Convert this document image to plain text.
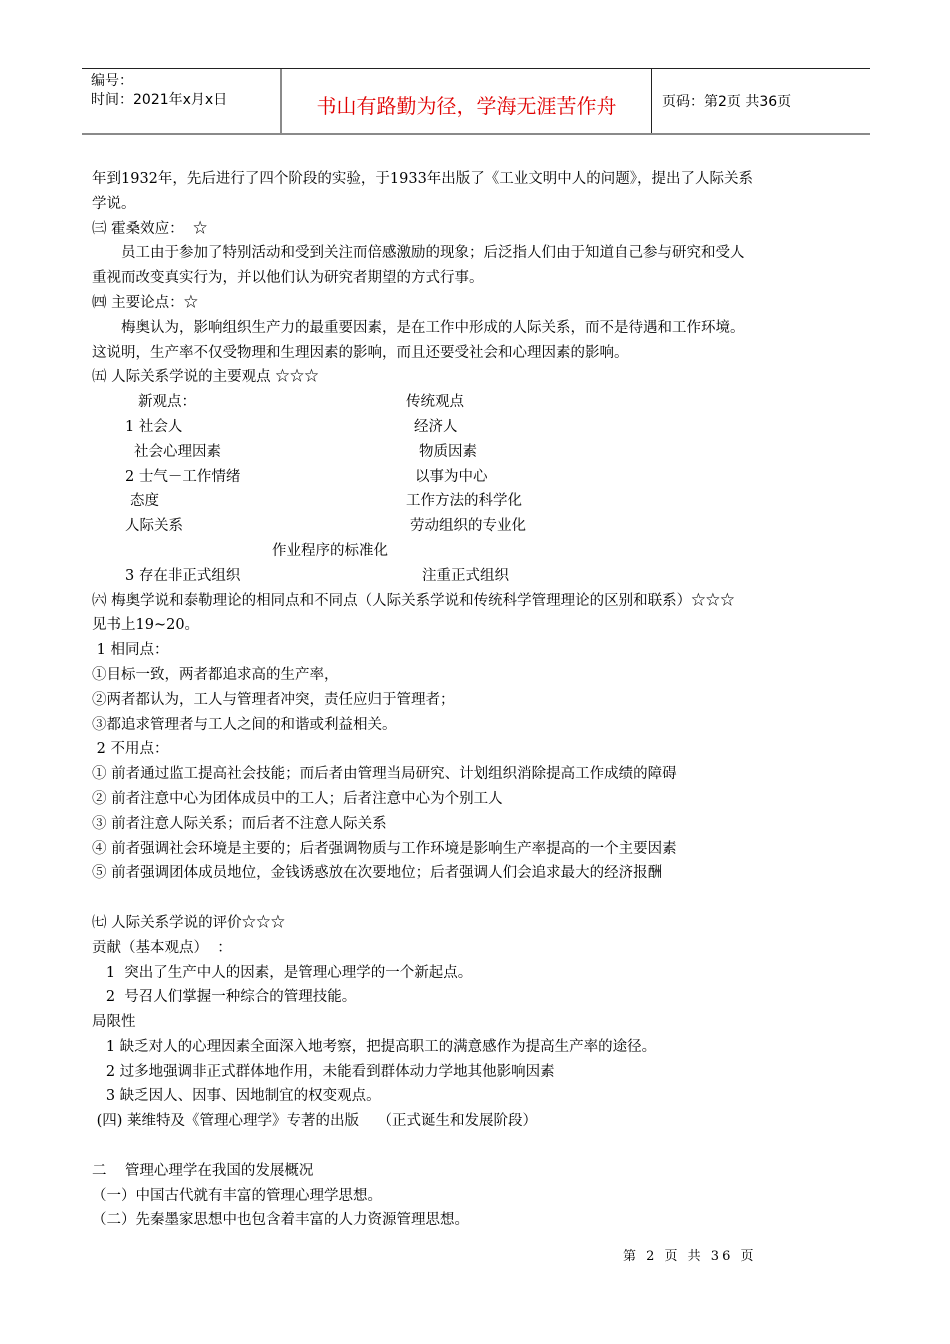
编号：
时间：2021年x月x日	书山有路勤为径，学海无涯苦作舟	页码：第2页 共36页
年到1932年，先后进行了四个阶段的实验，于1933年出版了《工业文明中人的问题》，提出了人际关系
学说。
㈢ 霍桑效应：  ☆
员工由于参加了特别活动和受到关注而倍感激励的现象；后泛指人们由于知道自己参与研究和受人
重视而改变真实行为，并以他们认为研究者期望的方式行事。
㈣ 主要论点：☆
梅奥认为，影响组织生产力的最重要因素，是在工作中形成的人际关系，而不是待遇和工作环境。
这说明，生产率不仅受物理和生理因素的影响，而且还要受社会和心理因素的影响。
㈤ 人际关系学说的主要观点 ☆☆☆
新观点：	传统观点
1 社会人	经济人
社会心理因素	物质因素
2 士气－工作情绪	以事为中心
态度	工作方法的科学化
人际关系	劳动组织的专业化
作业程序的标准化
3 存在非正式组织	注重正式组织
㈥ 梅奥学说和泰勒理论的相同点和不同点（人际关系学说和传统科学管理理论的区别和联系）☆☆☆
见书上19~20。
1 相同点：
①目标一致，两者都追求高的生产率，
②两者都认为，工人与管理者冲突，责任应归于管理者；
③都追求管理者与工人之间的和谐或利益相关。
2 不用点：
① 前者通过监工提高社会技能；而后者由管理当局研究、计划组织消除提高工作成绩的障碍
② 前者注意中心为团体成员中的工人；后者注意中心为个别工人
③ 前者注意人际关系；而后者不注意人际关系
④ 前者强调社会环境是主要的；后者强调物质与工作环境是影响生产率提高的一个主要因素
⑤ 前者强调团体成员地位，金钱诱惑放在次要地位；后者强调人们会追求最大的经济报酬
㈦ 人际关系学说的评价☆☆☆
贡献（基本观点）  ：
1  突出了生产中人的因素，是管理心理学的一个新起点。
2  号召人们掌握一种综合的管理技能。
局限性
1 缺乏对人的心理因素全面深入地考察，把提高职工的满意感作为提高生产率的途径。
2 过多地强调非正式群体地作用，未能看到群体动力学地其他影响因素
3 缺乏因人、因事、因地制宜的权变观点。
(四) 莱维特及《管理心理学》专著的出版    （正式诞生和发展阶段）
二    管理心理学在我国的发展概况
（一）中国古代就有丰富的管理心理学思想。
（二）先秦墨家思想中也包含着丰富的人力资源管理思想。
第 2 页 共 36 页
